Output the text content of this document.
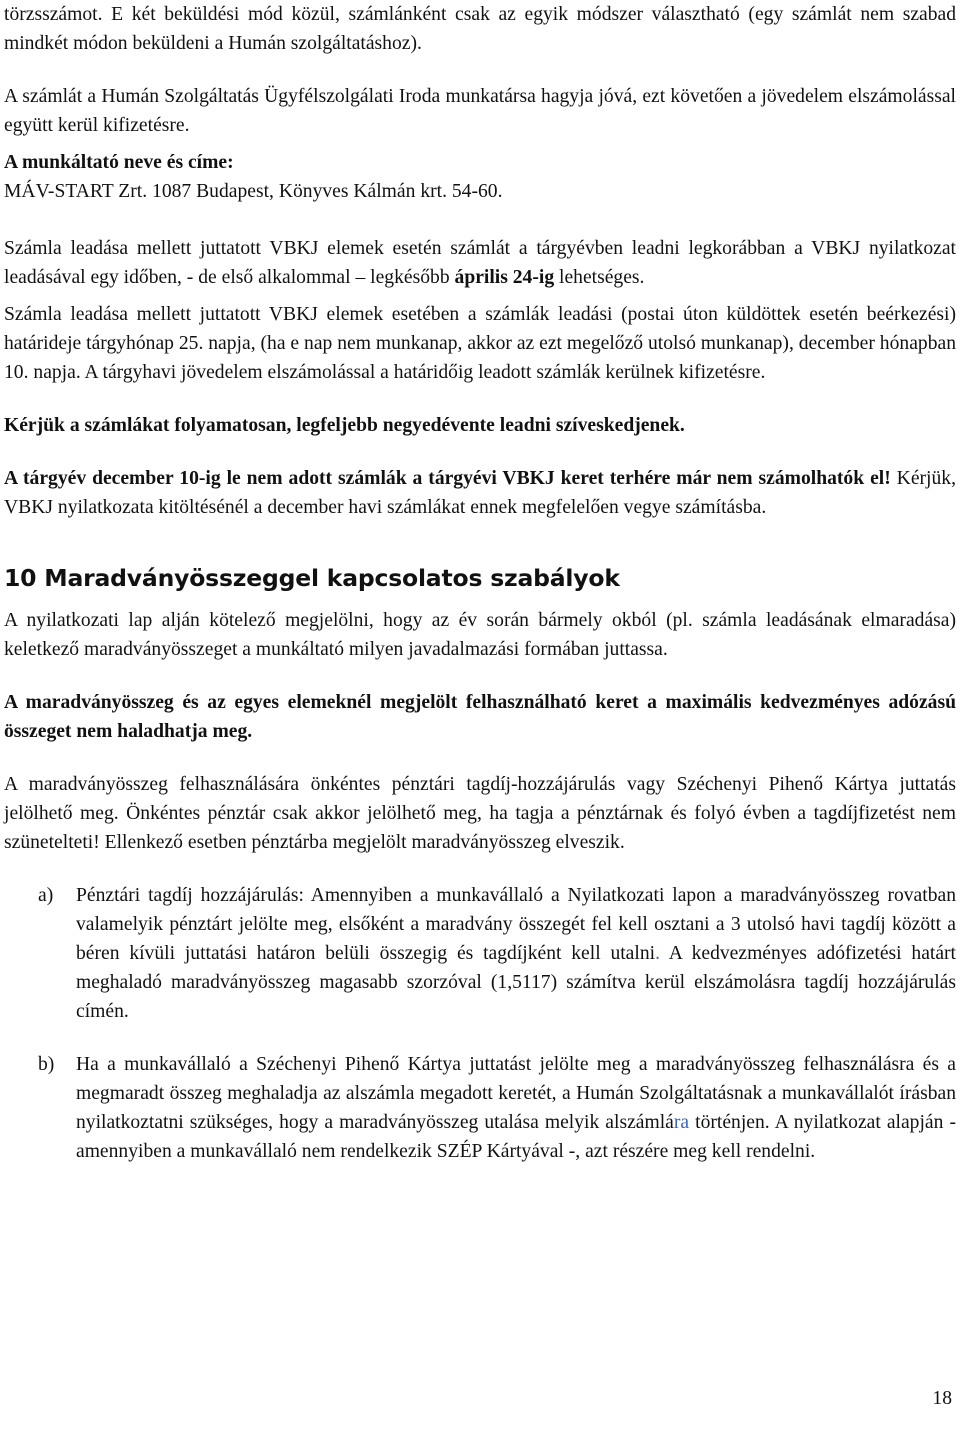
törzsszámot. E két beküldési mód közül, számlánként csak az egyik módszer választható (egy számlát nem szabad mindkét módon beküldeni a Humán szolgáltatáshoz).

A számlát a Humán Szolgáltatás Ügyfélszolgálati Iroda munkatársa hagyja jóvá, ezt követően a jövedelem elszámolással együtt kerül kifizetésre.

A munkáltató neve és címe:

MÁV-START Zrt. 1087 Budapest, Könyves Kálmán krt. 54-60.

Számla leadása mellett juttatott VBKJ elemek esetén számlát a tárgyévben leadni legkorábban a VBKJ nyilatkozat leadásával egy időben, - de első alkalommal – legkésőbb április 24-ig lehetséges.

Számla leadása mellett juttatott VBKJ elemek esetében a számlák leadási (postai úton küldöttek esetén beérkezési) határideje tárgyhónap 25. napja, (ha e nap nem munkanap, akkor az ezt megelőző utolsó munkanap), december hónapban 10. napja. A tárgyhavi jövedelem elszámolással a határidőig leadott számlák kerülnek kifizetésre.

Kérjük a számlákat folyamatosan, legfeljebb negyedévente leadni szíveskedjenek.

A tárgyév december 10-ig le nem adott számlák a tárgyévi VBKJ keret terhére már nem számolhatók el! Kérjük, VBKJ nyilatkozata kitöltésénél a december havi számlákat ennek megfelelően vegye számításba.

10 Maradványösszeggel kapcsolatos szabályok

A nyilatkozati lap alján kötelező megjelölni, hogy az év során bármely okból (pl. számla leadásának elmaradása) keletkező maradványösszeget a munkáltató milyen javadalmazási formában juttassa.

A maradványösszeg és az egyes elemeknél megjelölt felhasználható keret a maximális kedvezményes adózású összeget nem haladhatja meg.

A maradványösszeg felhasználására önkéntes pénztári tagdíj-hozzájárulás vagy Széchenyi Pihenő Kártya juttatás jelölhető meg. Önkéntes pénztár csak akkor jelölhető meg, ha tagja a pénztárnak és folyó évben a tagdíjfizetést nem szünetelteti! Ellenkező esetben pénztárba megjelölt maradványösszeg elveszik.

a) Pénztári tagdíj hozzájárulás: Amennyiben a munkavállaló a Nyilatkozati lapon a maradványösszeg rovatban valamelyik pénztárt jelölte meg, elsőként a maradvány összegét fel kell osztani a 3 utolsó havi tagdíj között a béren kívüli juttatási határon belüli összegig és tagdíjként kell utalni. A kedvezményes adófizetési határt meghaladó maradványösszeg magasabb szorzóval (1,5117) számítva kerül elszámolásra tagdíj hozzájárulás címén.

b) Ha a munkavállaló a Széchenyi Pihenő Kártya juttatást jelölte meg a maradványösszeg felhasználásra és a megmaradt összeg meghaladja az alszámla megadott keretét, a Humán Szolgáltatásnak a munkavállalót írásban nyilatkoztatni szükséges, hogy a maradványösszeg utalása melyik alszámlára történjen. A nyilatkozat alapján - amennyiben a munkavállaló nem rendelkezik SZÉP Kártyával -, azt részére meg kell rendelni.

18
